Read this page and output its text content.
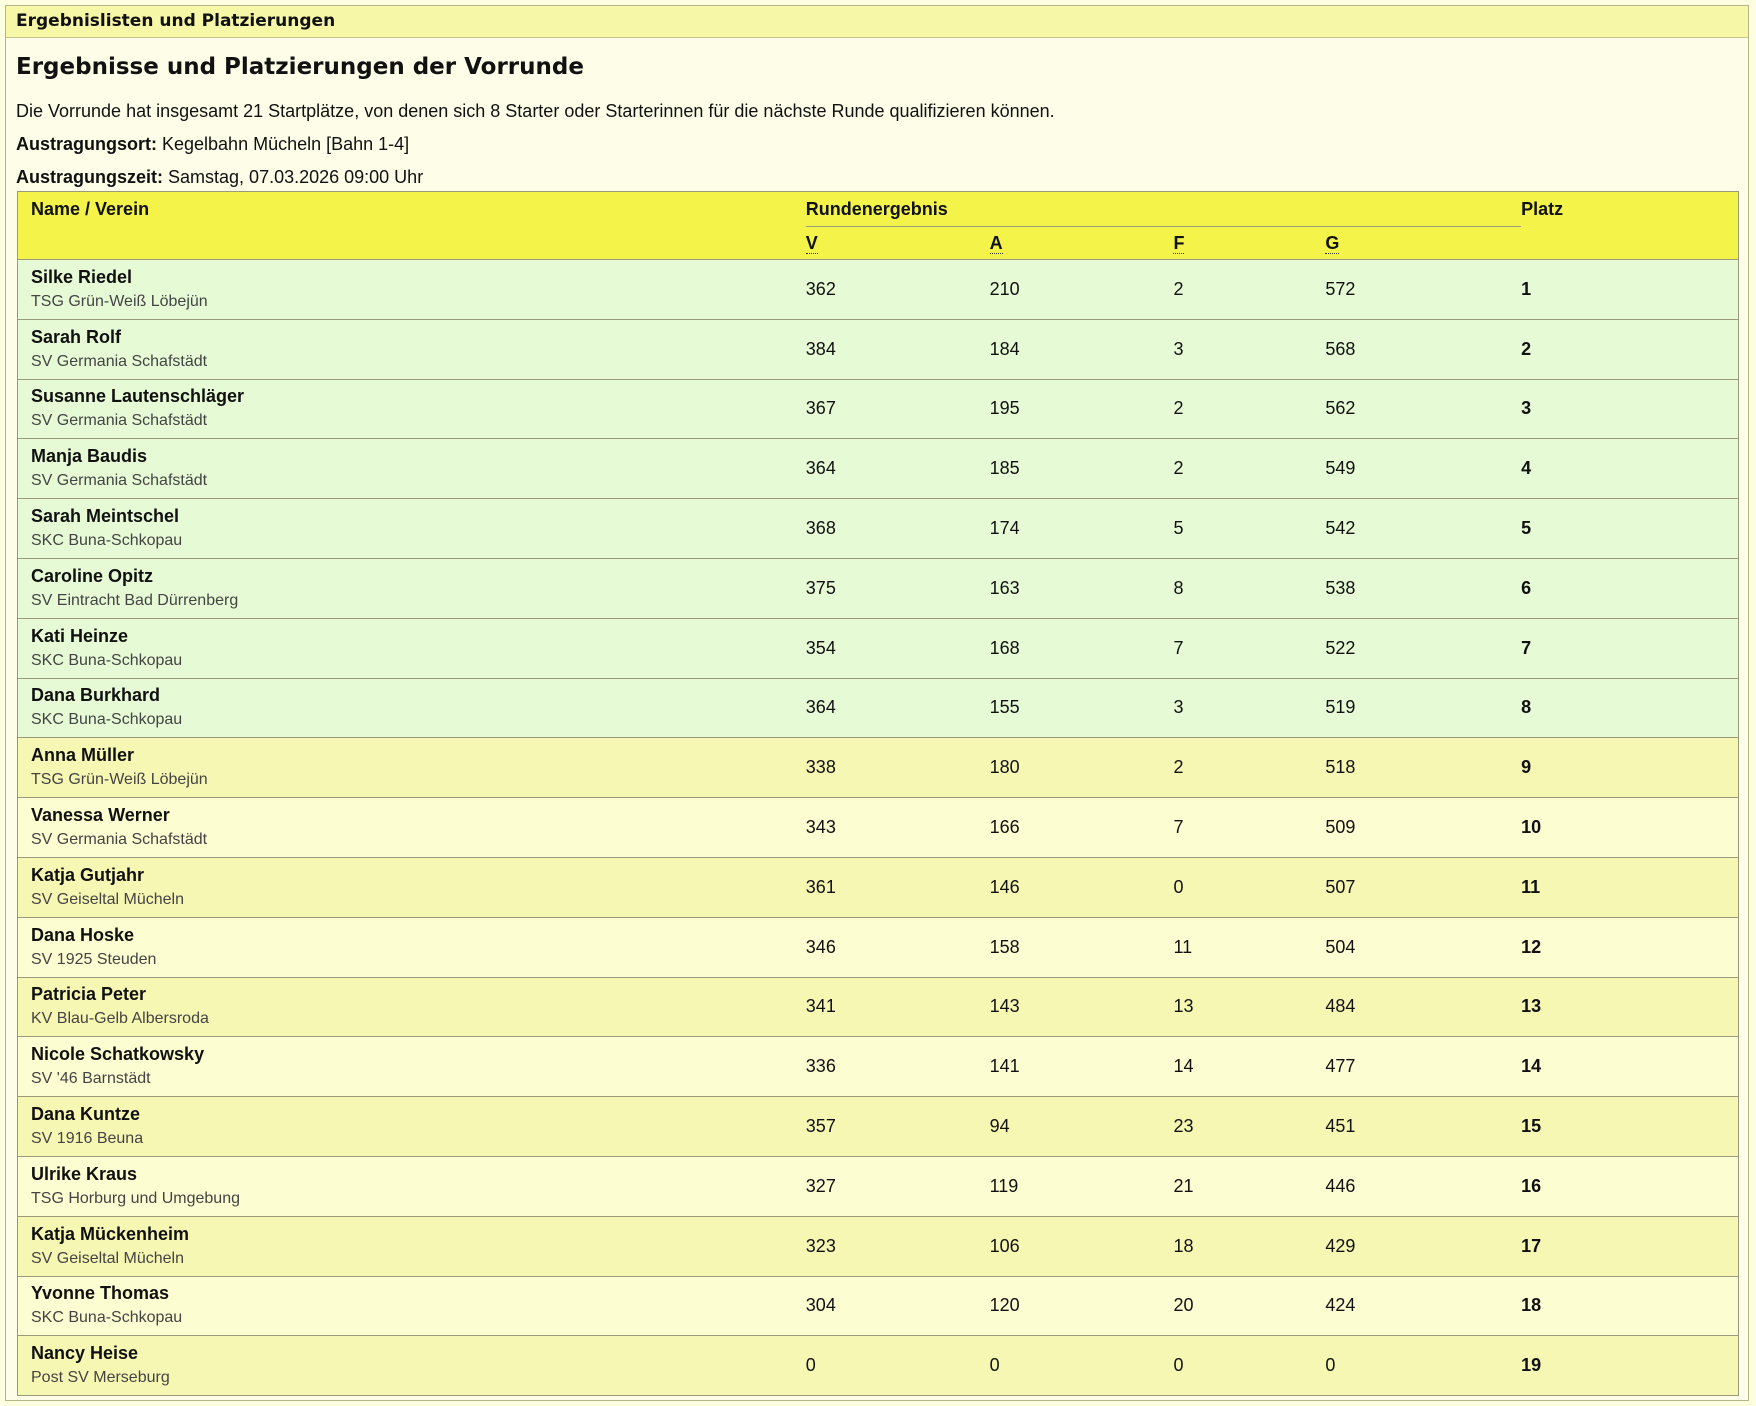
Ergebnislisten und Platzierungen
Ergebnisse und Platzierungen der Vorrunde
Die Vorrunde hat insgesamt 21 Startplätze, von denen sich 8 Starter oder Starterinnen für die nächste Runde qualifizieren können.
Austragungsort: Kegelbahn Mücheln [Bahn 1-4]
Austragungszeit: Samstag, 07.03.2026 09:00 Uhr
Name / Verein	Rundenergebnis				Platz
	V	A	F	G	

Silke Riedel
TSG Grün-Weiß Löbejün	362	210	2	572	1

Sarah Rolf
SV Germania Schafstädt	384	184	3	568	2

Susanne Lautenschläger
SV Germania Schafstädt	367	195	2	562	3

Manja Baudis
SV Germania Schafstädt	364	185	2	549	4

Sarah Meintschel
SKC Buna-Schkopau	368	174	5	542	5

Caroline Opitz
SV Eintracht Bad Dürrenberg	375	163	8	538	6

Kati Heinze
SKC Buna-Schkopau	354	168	7	522	7

Dana Burkhard
SKC Buna-Schkopau	364	155	3	519	8

Anna Müller
TSG Grün-Weiß Löbejün	338	180	2	518	9

Vanessa Werner
SV Germania Schafstädt	343	166	7	509	10

Katja Gutjahr
SV Geiseltal Mücheln	361	146	0	507	11

Dana Hoske
SV 1925 Steuden	346	158	11	504	12

Patricia Peter
KV Blau-Gelb Albersroda	341	143	13	484	13

Nicole Schatkowsky
SV '46 Barnstädt	336	141	14	477	14

Dana Kuntze
SV 1916 Beuna	357	94	23	451	15

Ulrike Kraus
TSG Horburg und Umgebung	327	119	21	446	16

Katja Mückenheim
SV Geiseltal Mücheln	323	106	18	429	17

Yvonne Thomas
SKC Buna-Schkopau	304	120	20	424	18

Nancy Heise
Post SV Merseburg	0	0	0	0	19
